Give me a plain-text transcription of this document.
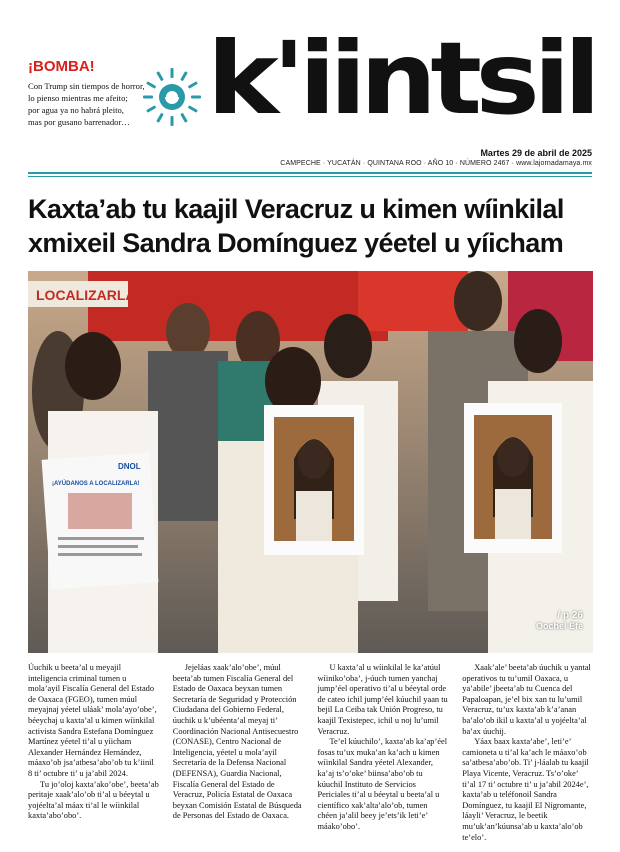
¡BOMBA!
Con Trump sin tiempos de horror,
lo pienso mientras me afeito;
por agua ya no habrá pleito,
mas por gusano barrenador… k'iintsil
Martes 29 de abril de 2025
CAMPECHE · YUCATÁN · QUINTANA ROO · AÑO 10 · NÚMERO 2467 · www.lajornadamaya.mx
Kaxta’ab tu kaajil Veracruz u kimen wíinkilal
xmixeil Sandra Domínguez yéetel u yíicham
LOCALIZARLA!
DNOL
¡AYÚDANOS A LOCALIZARLA!
/ p 26
Oochel Efe

Úuchik u beeta’al u meyajil inteligencia criminal tumen u mola’ayil Fiscalía General del Estado de Oaxaca (FGEO), tumen múul meyajnaj yéetel uláak’ mola’ayo’obe’, béeychaj u kaxta’al u kimen wíinkilal activista Sandra Estefana Domínguez Martínez yéetel ti’al u yíicham Alexander Hernández Hernández, máaxo’ob jsa’atbesa’abo’ob tu k’iinil 8 ti’ octubre ti’ u ja’abil 2024.

Tu jo’oloj kaxta’ako’obe’, beeta’ab peritaje xaak’alo’ob ti’al u béeytal u yojéelta’al máax ti’al le wíinkilal kaxta’abo’obo’.

Jejeláas xaak’alo’obe’, múul beeta’ab tumen Fiscalía General del Estado de Oaxaca beyxan tumen Secretaría de Seguridad y Protección Ciudadana del Gobierno Federal, úuchik u k’ubéenta’al meyaj ti’ Coordinación Nacional Antisecuestro (CONASE), Centro Nacional de Inteligencia, yéetel u mola’ayil Secretaría de la Defensa Nacional (DEFENSA), Guardia Nacional, Fiscalía General del Estado de Veracruz, Policía Estatal de Oaxaca beyxan Comisión Estatal de Búsqueda de Personas del Estado de Oaxaca.

U kaxta’al u wíinkilal le ka’atúul wíiniko’oba’, j-úuch tumen yanchaj jump’éel operativo ti’al u béeytal orde de cateo ichil jump’éel kúuchil yaan tu bejil La Ceiba tak Unión Progreso, tu kaajil Texistepec, ichil u noj lu’umil Veracruz.

Te’el kúuchilo’, kaxta’ab ka’ap’éel fosas tu’ux muka’an ka’ach u kimen wíinkilal Sandra yéetel Alexander, ka’aj ts’o’oke’ biinsa’abo’ob tu kúuchil Instituto de Servicios Periciales ti’al u béeytal u beeta’al u científico xak’alta’alo’ob, tumen chéen ja’alil beey je’ets’ik leti’e’ máako’obo’.

Xaak’ale’ beeta’ab úuchik u yantal operativos tu tu’umil Oaxaca, u ya’abile’ jbeeta’ab tu Cuenca del Papaloapan, je’el bix xan tu lu’umil Veracruz, tu’ux kaxta’ab k’a’anan ba’alo’ob ikil u kaxta’al u yojéelta’al ba’ax úuchij.

Yáax baax kaxta’abe’, leti’e’ camioneta u ti’al ka’ach le máaxo’ob sa’atbesa’abo’ob. Ti’ j-láalab tu kaajil Playa Vicente, Veracruz. Ts’o’oke’ ti’al 17 ti’ octubre ti’ u ja’abil 2024e’, kaxta’ab u teléfonoil Sandra Domínguez, tu kaajil El Nigromante, láayli’ Veracruz, le beetik mu’uk’an’kúunsa’ab u kaxta’alo’ob te’elo’.
